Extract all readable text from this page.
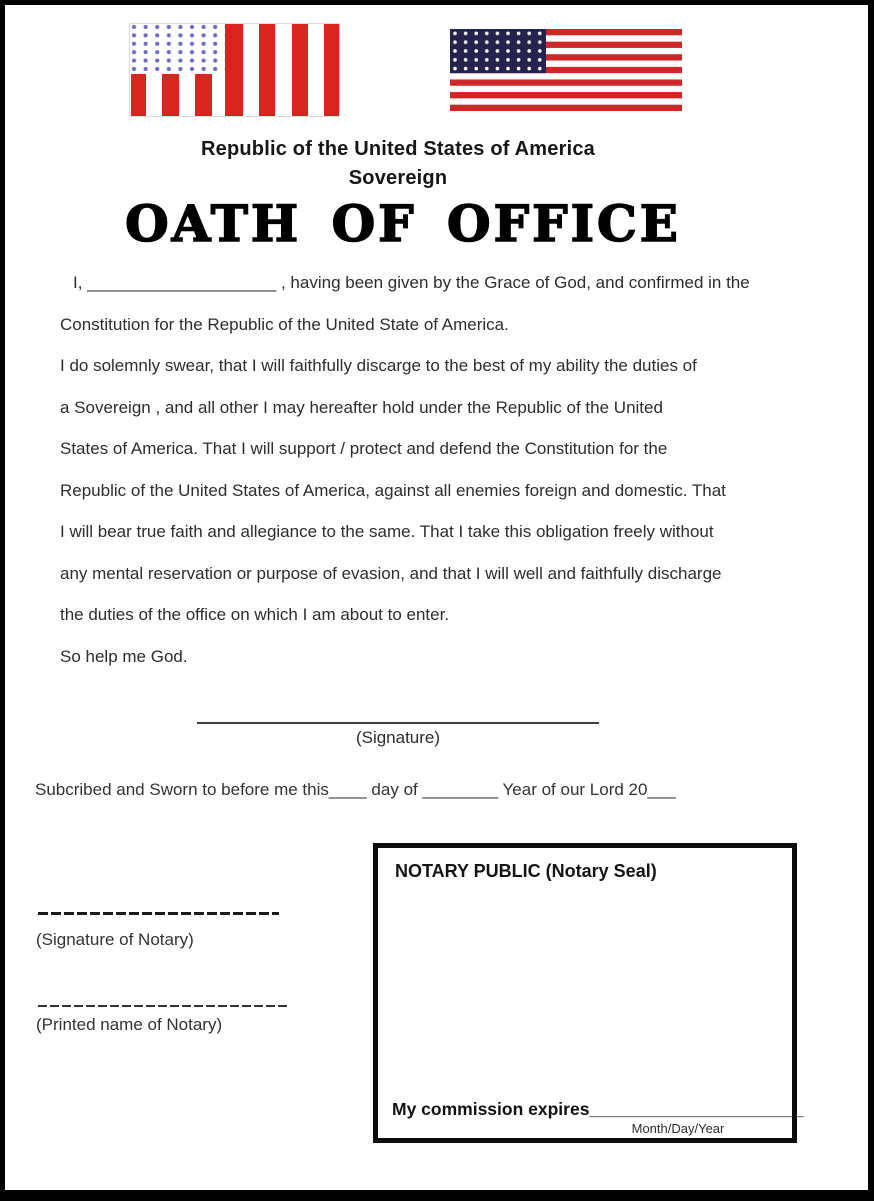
Republic of the United States of America
Sovereign
OATH OF OFFICE
I, ____________________ , having been given by the Grace of God, and confirmed in the
Constitution for the Republic of the United State of America.
I do solemnly swear, that I will faithfully discarge to the best of my ability the duties of
a Sovereign , and all other I may hereafter hold under the Republic of the United
States of America. That I will support / protect and defend the Constitution for the
Republic of the United States of America, against all enemies foreign and domestic. That
I will bear true faith and allegiance to the same. That I take this obligation freely without
any mental reservation or purpose of evasion, and that I will well and faithfully discharge
the duties of the office on which I am about to enter.
So help me God.
(Signature)
Subcribed and Sworn to before me this____ day of ________ Year of our Lord 20___
(Signature of Notary)
(Printed name of Notary)
NOTARY PUBLIC (Notary Seal)
My commission expires______________________
Month/Day/Year
